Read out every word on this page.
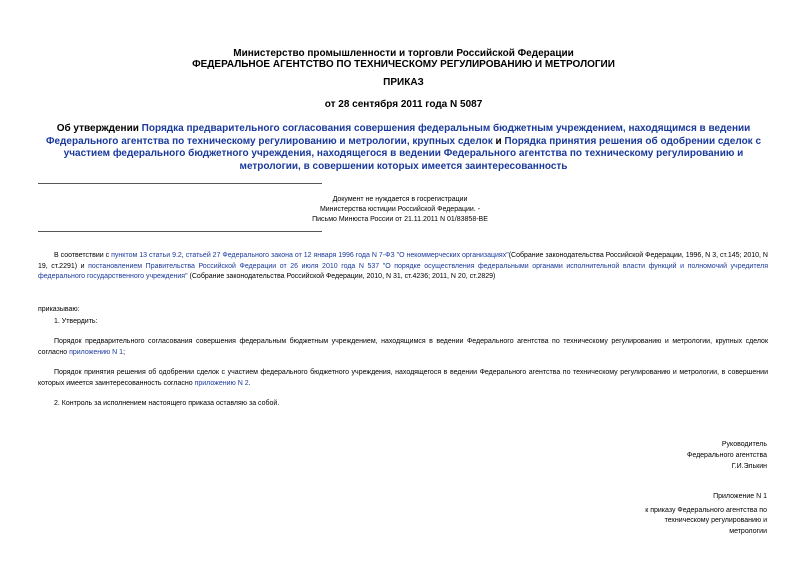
Министерство промышленности и торговли Российской Федерации
ФЕДЕРАЛЬНОЕ АГЕНТСТВО ПО ТЕХНИЧЕСКОМУ РЕГУЛИРОВАНИЮ И МЕТРОЛОГИИ
ПРИКАЗ
от 28 сентября 2011 года N 5087
Об утверждении Порядка предварительного согласования совершения федеральным бюджетным учреждением, находящимся в ведении Федерального агентства по техническому регулированию и метрологии, крупных сделок и Порядка принятия решения об одобрении сделок с участием федерального бюджетного учреждения, находящегося в ведении Федерального агентства по техническому регулированию и метрологии, в совершении которых имеется заинтересованность
Документ не нуждается в госрегистрации
Министерства юстиции Российской Федерации. -
Письмо Минюста России от 21.11.2011 N 01/83858-ВЕ
В соответствии с пунктом 13 статьи 9.2, статьей 27 Федерального закона от 12 января 1996 года N 7-ФЗ "О некоммерческих организациях"(Собрание законодательства Российской Федерации, 1996, N 3, ст.145; 2010, N 19, ст.2291) и постановлением Правительства Российской Федерации от 26 июля 2010 года N 537 "О порядке осуществления федеральными органами исполнительной власти функций и полномочий учредителя федерального государственного учреждения" (Собрание законодательства Российской Федерации, 2010, N 31, ст.4236; 2011, N 20, ст.2829)
приказываю:
1. Утвердить:
Порядок предварительного согласования совершения федеральным бюджетным учреждением, находящимся в ведении Федерального агентства по техническому регулированию и метрологии, крупных сделок согласно приложению N 1;
Порядок принятия решения об одобрении сделок с участием федерального бюджетного учреждения, находящегося в ведении Федерального агентства по техническому регулированию и метрологии, в совершении которых имеется заинтересованность согласно приложению N 2.
2. Контроль за исполнением настоящего приказа оставляю за собой.
Руководитель
Федерального агентства
Г.И.Элькин
Приложение N 1
к приказу Федерального агентства по
техническому регулированию и
метрологии
